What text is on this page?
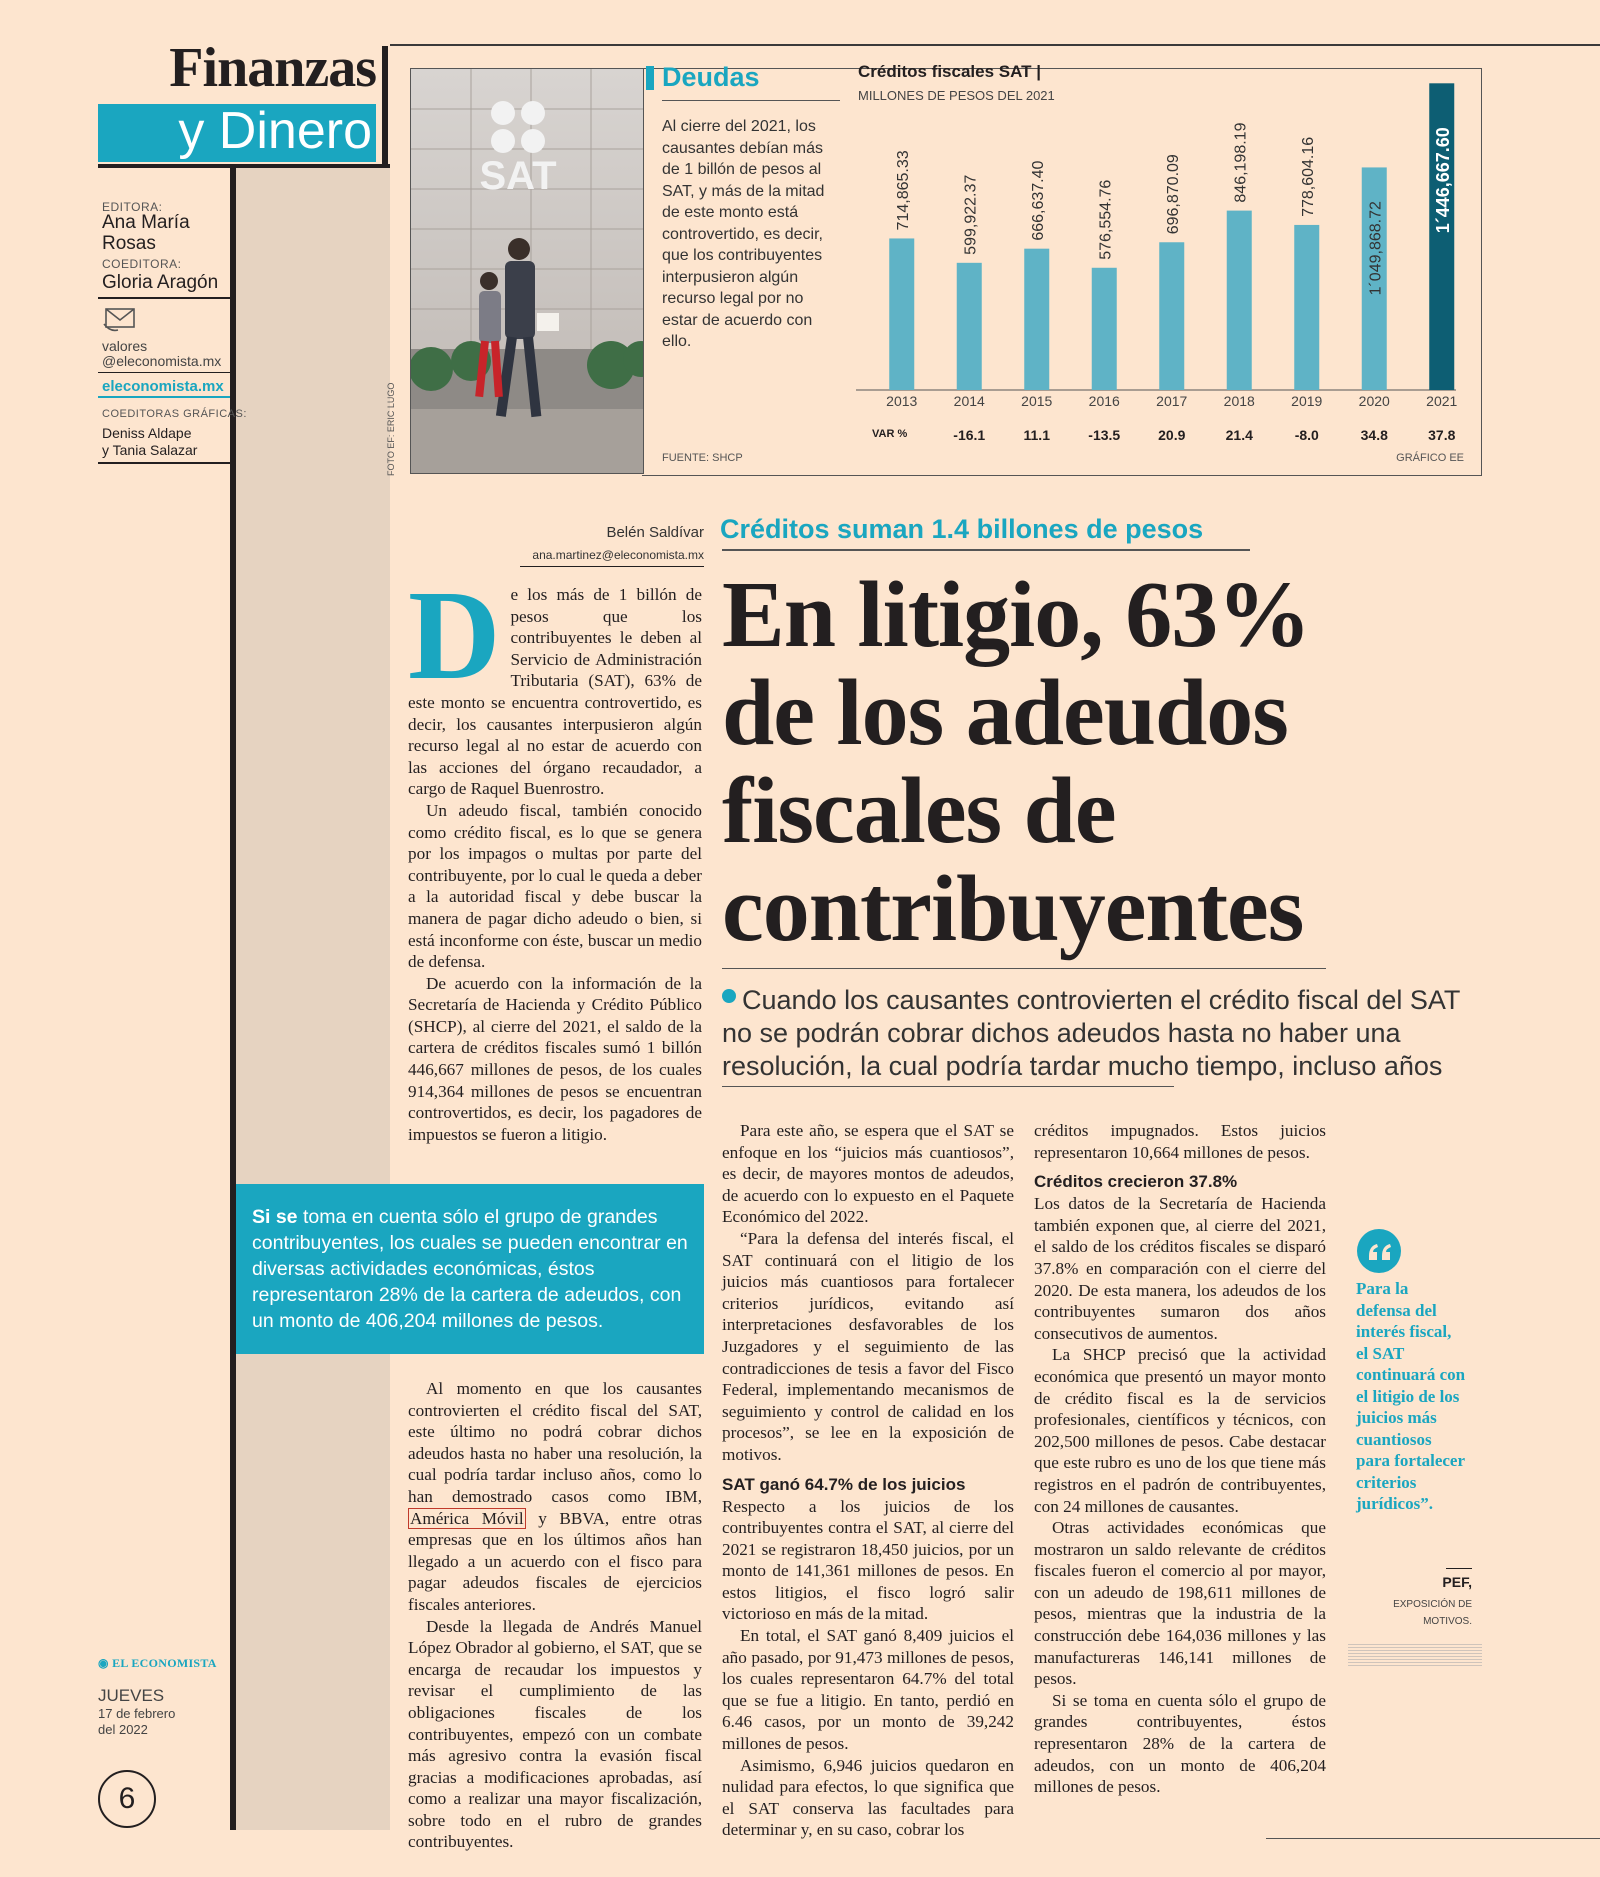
Finanzas
y Dinero
EDITORA:
Ana María
Rosas
COEDITORA:
Gloria Aragón
valores
@eleconomista.mx
eleconomista.mx
COEDITORAS GRÁFICAS:
Deniss Aldape
y Tania Salazar
SAT
FOTO EF: ERIC LUGO
Deudas
Al cierre del 2021, los causantes debían más de 1 billón de pesos al SAT, y más de la mitad de este monto está controvertido, es decir, que los contribuyentes interpusieron algún recurso legal por no estar de acuerdo con ello.
FUENTE: SHCP
Créditos fiscales SAT |
MILLONES DE PESOS DEL 2021
GRÁFICO EE
714,865.33
2013
599,922.37
2014
666,637.40
2015
576,554.76
2016
696,870.09
2017
846,198.19
2018
778,604.16
2019
1´049,868.72
2020
1´446,667.60
2021
VAR %	-16.1	11.1	-13.5	20.9	21.4	-8.0	34.8	37.8
Belén Saldívar
ana.martinez@eleconomista.mx
Créditos suman 1.4 billones de pesos
En litigio, 63% de los adeudos fiscales de contribuyentes
Cuando los causantes controvierten el crédito fiscal del SAT no se podrán cobrar dichos adeudos hasta no haber una resolución, la cual podría tardar mucho tiempo, incluso años

De los más de 1 billón de pesos que los contribuyentes le deben al Servicio de Administración Tributaria (SAT), 63% de este monto se encuentra controvertido, es decir, los causantes interpusieron algún recurso legal al no estar de acuerdo con las acciones del órgano recaudador, a cargo de Raquel Buenrostro.

Un adeudo fiscal, también conocido como crédito fiscal, es lo que se genera por los impagos o multas por parte del contribuyente, por lo cual le queda a deber a la autoridad fiscal y debe buscar la manera de pagar dicho adeudo o bien, si está inconforme con éste, buscar un medio de defensa.

De acuerdo con la información de la Secretaría de Hacienda y Crédito Público (SHCP), al cierre del 2021, el saldo de la cartera de créditos fiscales sumó 1 billón 446,667 millones de pesos, de los cuales 914,364 millones de pesos se encuentran controvertidos, es decir, los pagadores de impuestos se fueron a litigio.

Si se toma en cuenta sólo el grupo de grandes contribuyentes, los cuales se pueden encontrar en diversas actividades económicas, éstos representaron 28% de la cartera de adeudos, con un monto de 406,204 millones de pesos.

Al momento en que los causantes controvierten el crédito fiscal del SAT, este último no podrá cobrar dichos adeudos hasta no haber una resolución, la cual podría tardar incluso años, como lo han demostrado casos como IBM, América Móvil y BBVA, entre otras empresas que en los últimos años han llegado a un acuerdo con el fisco para pagar adeudos fiscales de ejercicios fiscales anteriores.

Desde la llegada de Andrés Manuel López Obrador al gobierno, el SAT, que se encarga de recaudar los impuestos y revisar el cumplimiento de las obligaciones fiscales de los contribuyentes, empezó con un combate más agresivo contra la evasión fiscal gracias a modificaciones aprobadas, así como a realizar una mayor fiscalización, sobre todo en el rubro de grandes contribuyentes.

Para este año, se espera que el SAT se enfoque en los “juicios más cuantiosos”, es decir, de mayores montos de adeudos, de acuerdo con lo expuesto en el Paquete Económico del 2022.

“Para la defensa del interés fiscal, el SAT continuará con el litigio de los juicios más cuantiosos para fortalecer criterios jurídicos, evitando así interpretaciones desfavorables de los Juzgadores y el seguimiento de las contradicciones de tesis a favor del Fisco Federal, implementando mecanismos de seguimiento y control de calidad en los procesos”, se lee en la exposición de motivos.

SAT ganó 64.7% de los juicios

Respecto a los juicios de los contribuyentes contra el SAT, al cierre del 2021 se registraron 18,450 juicios, por un monto de 141,361 millones de pesos. En estos litigios, el fisco logró salir victorioso en más de la mitad.

En total, el SAT ganó 8,409 juicios el año pasado, por 91,473 millones de pesos, los cuales representaron 64.7% del total que se fue a litigio. En tanto, perdió en 6.46 casos, por un monto de 39,242 millones de pesos.

Asimismo, 6,946 juicios quedaron en nulidad para efectos, lo que significa que el SAT conserva las facultades para determinar y, en su caso, cobrar los

créditos impugnados. Estos juicios representaron 10,664 millones de pesos.

Créditos crecieron 37.8%

Los datos de la Secretaría de Hacienda también exponen que, al cierre del 2021, el saldo de los créditos fiscales se disparó 37.8% en comparación con el cierre del 2020. De esta manera, los adeudos de los contribuyentes sumaron dos años consecutivos de aumentos.

La SHCP precisó que la actividad económica que presentó un mayor monto de crédito fiscal es la de servicios profesionales, científicos y técnicos, con 202,500 millones de pesos. Cabe destacar que este rubro es uno de los que tiene más registros en el padrón de contribuyentes, con 24 millones de causantes.

Otras actividades económicas que mostraron un saldo relevante de créditos fiscales fueron el comercio al por mayor, con un adeudo de 198,611 millones de pesos, mientras que la industria de la construcción debe 164,036 millones y las manufactureras 146,141 millones de pesos.

Si se toma en cuenta sólo el grupo de grandes contribuyentes, éstos representaron 28% de la cartera de adeudos, con un monto de 406,204 millones de pesos.

Para la defensa del interés fiscal, el SAT continuará con el litigio de los juicios más cuantiosos para fortalecer criterios jurídicos”.
PEF,
EXPOSICIÓN DE
MOTIVOS.
◉ EL ECONOMISTA
JUEVES
17 de febrero
del 2022
6
